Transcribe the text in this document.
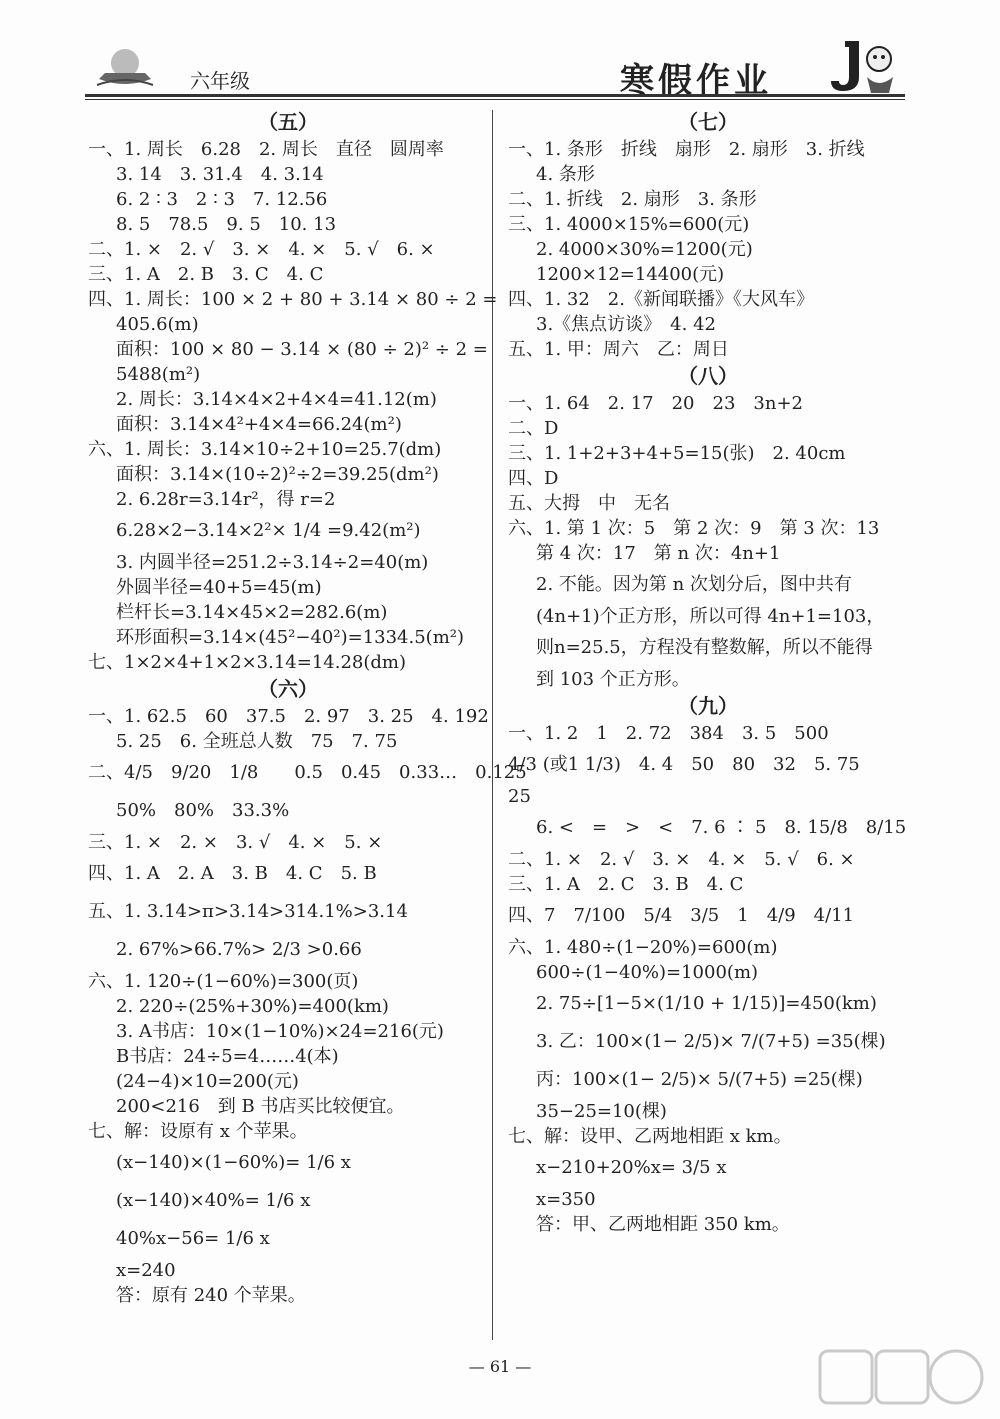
六年级	寒假作业
（五）
一、1. 周长　6.28　2. 周长　直径　圆周率
3. 14　3. 31.4　4. 3.14
6. 2 ∶ 3　2 ∶ 3　7. 12.56
8. 5　78.5　9. 5　10. 13
二、1. ×　2. √　3. ×　4. ×　5. √　6. ×
三、1. A　2. B　3. C　4. C
四、1. 周长：100 × 2 + 80 + 3.14 × 80 ÷ 2 =
405.6(m)
面积：100 × 80 − 3.14 × (80 ÷ 2)² ÷ 2 =
5488(m²)
2. 周长：3.14×4×2+4×4=41.12(m)
面积：3.14×4²+4×4=66.24(m²)
六、1. 周长：3.14×10÷2+10=25.7(dm)
面积：3.14×(10÷2)²÷2=39.25(dm²)
2. 6.28r=3.14r²，得 r=2
6.28×2−3.14×2²× 1/4 =9.42(m²)
3. 内圆半径=251.2÷3.14÷2=40(m)
外圆半径=40+5=45(m)
栏杆长=3.14×45×2=282.6(m)
环形面积=3.14×(45²−40²)=1334.5(m²)
七、1×2×4+1×2×3.14=14.28(dm)
（六）
一、1. 62.5　60　37.5　2. 97　3. 25　4. 192
5. 25　6. 全班总人数　75　7. 75
二、4/5　9/20　1/8　　0.5　0.45　0.33…　0.125
50%　80%　33.3%
三、1. ×　2. ×　3. √　4. ×　5. ×
四、1. A　2. A　3. B　4. C　5. B
五、1. 3.14>π>3.14>314.1%>3.14
2. 67%>66.7%> 2/3 >0.66
六、1. 120÷(1−60%)=300(页)
2. 220÷(25%+30%)=400(km)
3. A书店：10×(1−10%)×24=216(元)
B书店：24÷5=4……4(本)
(24−4)×10=200(元)
200<216　到 B 书店买比较便宜。
七、解：设原有 x 个苹果。
(x−140)×(1−60%)= 1/6 x
(x−140)×40%= 1/6 x
40%x−56= 1/6 x
x=240
答：原有 240 个苹果。
（七）
一、1. 条形　折线　扇形　2. 扇形　3. 折线
4. 条形
二、1. 折线　2. 扇形　3. 条形
三、1. 4000×15%=600(元)
2. 4000×30%=1200(元)
1200×12=14400(元)
四、1. 32　2.《新闻联播》《大风车》
3.《焦点访谈》　4. 42
五、1. 甲：周六　乙：周日
（八）
一、1. 64　2. 17　20　23　3n+2
二、D
三、1. 1+2+3+4+5=15(张)　2. 40cm
四、D
五、大拇　中　无名
六、1. 第 1 次：5　第 2 次：9　第 3 次：13
第 4 次：17　第 n 次：4n+1
2. 不能。因为第 n 次划分后，图中共有
(4n+1)个正方形，所以可得 4n+1=103，
则n=25.5，方程没有整数解，所以不能得
到 103 个正方形。
（九）
一、1. 2　1　2. 72　384　3. 5　500
4/3 (或1 1/3)　4. 4　50　80　32　5. 75
25
6. <　=　>　<　7. 6 ∶ 5　8. 15/8　8/15
二、1. ×　2. √　3. ×　4. ×　5. √　6. ×
三、1. A　2. C　3. B　4. C
四、7　7/100　5/4　3/5　1　4/9　4/11
六、1. 480÷(1−20%)=600(m)
600÷(1−40%)=1000(m)
2. 75÷[1−5×(1/10 + 1/15)]=450(km)
3. 乙：100×(1− 2/5)× 7/(7+5) =35(棵)
丙：100×(1− 2/5)× 5/(7+5) =25(棵)
35−25=10(棵)
七、解：设甲、乙两地相距 x km。
x−210+20%x= 3/5 x
x=350
答：甲、乙两地相距 350 km。
— 61 —
